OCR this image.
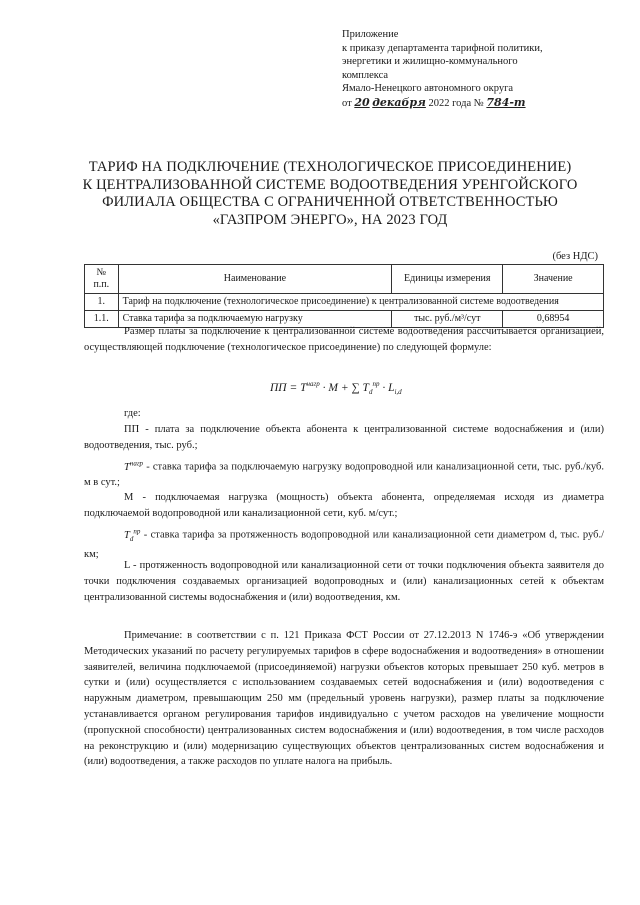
Приложение
к приказу департамента тарифной политики,
энергетики и жилищно-коммунального
комплекса
Ямало-Ненецкого автономного округа
от 20 декабря 2022 года № 784-т
ТАРИФ НА ПОДКЛЮЧЕНИЕ (ТЕХНОЛОГИЧЕСКОЕ ПРИСОЕДИНЕНИЕ)
К ЦЕНТРАЛИЗОВАННОЙ СИСТЕМЕ ВОДООТВЕДЕНИЯ УРЕНГОЙСКОГО
ФИЛИАЛА ОБЩЕСТВА С ОГРАНИЧЕННОЙ ОТВЕТСТВЕННОСТЬЮ
«ГАЗПРОМ ЭНЕРГО», НА 2023 ГОД
(без НДС)
№ п.п.	Наименование	Единицы измерения	Значение
1.	Тариф на подключение (технологическое присоединение) к централизованной системе водоотведения		
1.1.	Ставка тарифа за подключаемую нагрузку	тыс. руб./м³/сут	0,68954
Размер платы за подключение к централизованной системе водоотведения рассчитывается организацией, осуществляющей подключение (технологическое присоединение) по следующей формуле:
ПП = $Т^{нагр} \cdot М$ + ∑ $Т_d^{пр} \cdot L_{i,d}$
где:
ПП - плата за подключение объекта абонента к централизованной системе водоснабжения и (или) водоотведения, тыс. руб.;
$Т^{нагр}$ - ставка тарифа за подключаемую нагрузку водопроводной или канализационной сети, тыс. руб./куб. м в сут.;
М - подключаемая нагрузка (мощность) объекта абонента, определяемая исходя из диаметра подключаемой водопроводной или канализационной сети, куб. м/сут.;
$Т_d^{пр}$ - ставка тарифа за протяженность водопроводной или канализационной сети диаметром d, тыс. руб./км;
L - протяженность водопроводной или канализационной сети от точки подключения объекта заявителя до точки подключения создаваемых организацией водопроводных и (или) канализационных сетей к объектам централизованной системы водоснабжения и (или) водоотведения, км.
Примечание: в соответствии с п. 121 Приказа ФСТ России от 27.12.2013 N 1746-э «Об утверждении Методических указаний по расчету регулируемых тарифов в сфере водоснабжения и водоотведения» в отношении заявителей, величина подключаемой (присоединяемой) нагрузки объектов которых превышает 250 куб. метров в сутки и (или) осуществляется с использованием создаваемых сетей водоснабжения и (или) водоотведения с наружным диаметром, превышающим 250 мм (предельный уровень нагрузки), размер платы за подключение устанавливается органом регулирования тарифов индивидуально с учетом расходов на увеличение мощности (пропускной способности) централизованных систем водоснабжения и (или) водоотведения, в том числе расходов на реконструкцию и (или) модернизацию существующих объектов централизованных систем водоснабжения и (или) водоотведения, а также расходов по уплате налога на прибыль.
